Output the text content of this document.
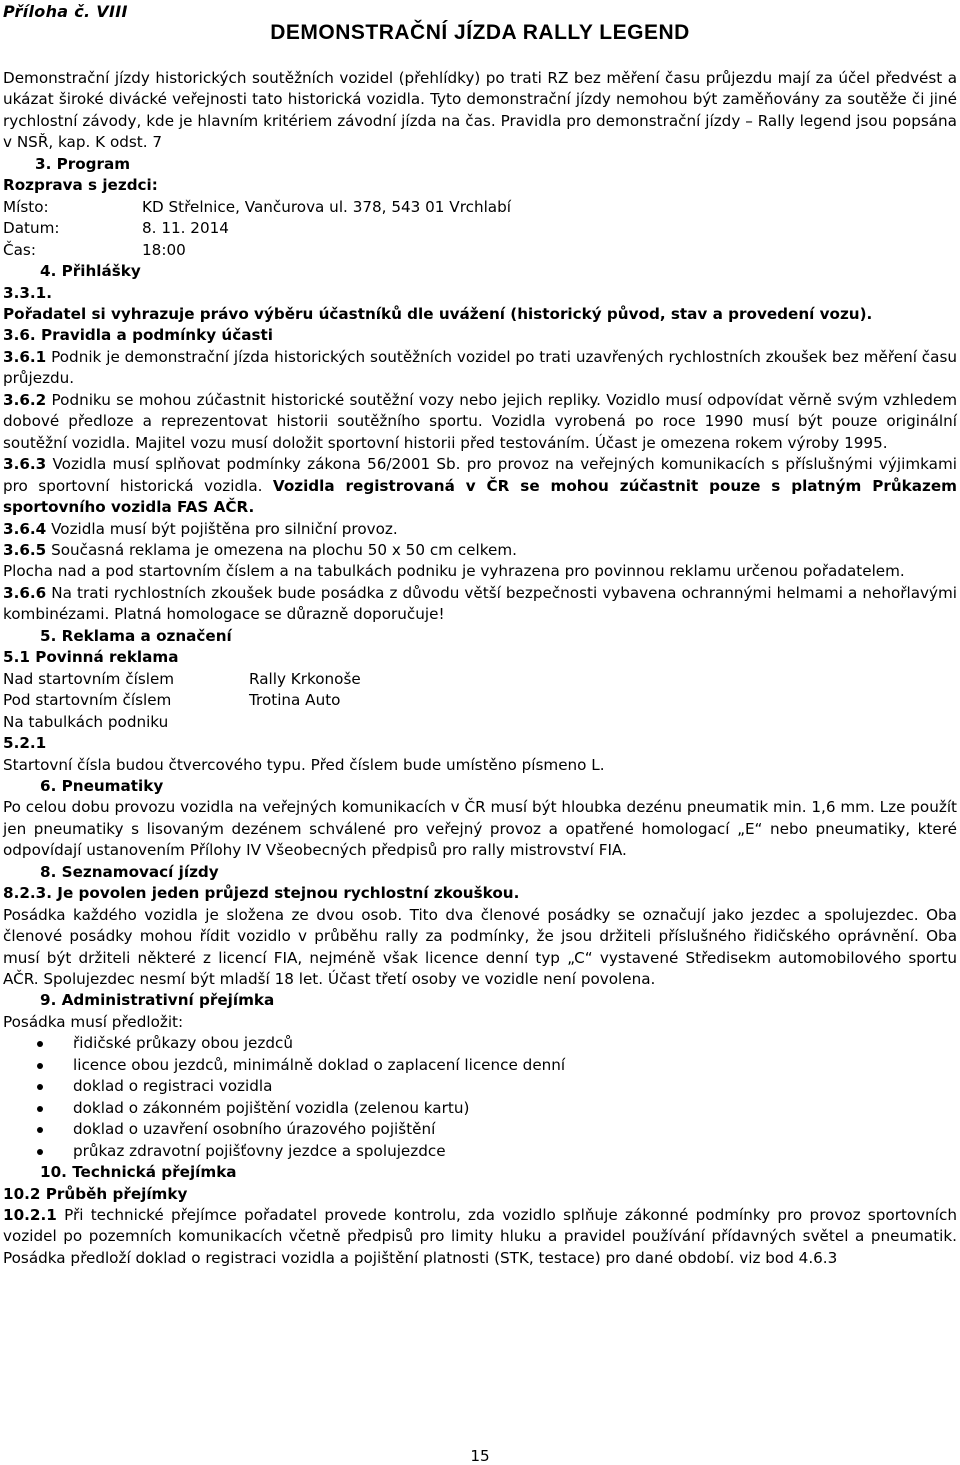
Příloha č. VIII
DEMONSTRAČNÍ JÍZDA RALLY LEGEND

Demonstrační jízdy historických soutěžních vozidel (přehlídky) po trati RZ bez měření času průjezdu mají za účel předvést a ukázat široké divácké veřejnosti tato historická vozidla. Tyto demonstrační jízdy nemohou být zaměňovány za soutěže či jiné rychlostní závody, kde je hlavním kritériem závodní jízda na čas. Pravidla pro demonstrační jízdy – Rally legend jsou popsána v NSŘ, kap. K odst. 7

3. Program

Rozprava s jezdci:

Místo:	KD Střelnice, Vančurova ul. 378, 543 01 Vrchlabí
Datum:	8. 11. 2014
Čas:	18:00

4. Přihlášky

3.3.1.

Pořadatel si vyhrazuje právo výběru účastníků dle uvážení (historický původ, stav a provedení vozu).

3.6. Pravidla a podmínky účasti

3.6.1 Podnik je demonstrační jízda historických soutěžních vozidel po trati uzavřených rychlostních zkoušek bez měření času průjezdu.

3.6.2 Podniku se mohou zúčastnit historické soutěžní vozy nebo jejich repliky. Vozidlo musí odpovídat věrně svým vzhledem dobové předloze a reprezentovat historii soutěžního sportu. Vozidla vyrobená po roce 1990 musí být pouze originální soutěžní vozidla. Majitel vozu musí doložit sportovní historii před testováním. Účast je omezena rokem výroby 1995.

3.6.3 Vozidla musí splňovat podmínky zákona 56/2001 Sb. pro provoz na veřejných komunikacích s příslušnými výjimkami pro sportovní historická vozidla. Vozidla registrovaná v ČR se mohou zúčastnit pouze s platným Průkazem sportovního vozidla FAS AČR.

3.6.4 Vozidla musí být pojištěna pro silniční provoz.

3.6.5 Současná reklama je omezena na plochu 50 x 50 cm celkem.

Plocha nad a pod startovním číslem a na tabulkách podniku je vyhrazena pro povinnou reklamu určenou pořadatelem.

3.6.6 Na trati rychlostních zkoušek bude posádka z důvodu větší bezpečnosti vybavena ochrannými helmami a nehořlavými kombinézami. Platná homologace se důrazně doporučuje!

5. Reklama a označení

5.1 Povinná reklama

Nad startovním číslem	Rally Krkonoše
Pod startovním číslem	Trotina Auto
Na tabulkách podniku

5.2.1

Startovní čísla budou čtvercového typu. Před číslem bude umístěno písmeno L.

6. Pneumatiky

Po celou dobu provozu vozidla na veřejných komunikacích v ČR musí být hloubka dezénu pneumatik min. 1,6 mm. Lze použít jen pneumatiky s lisovaným dezénem schválené pro veřejný provoz a opatřené homologací „E“ nebo pneumatiky, které odpovídají ustanovením Přílohy IV Všeobecných předpisů pro rally mistrovství FIA.

8. Seznamovací jízdy

8.2.3. Je povolen jeden průjezd stejnou rychlostní zkouškou.

Posádka každého vozidla je složena ze dvou osob. Tito dva členové posádky se označují jako jezdec a spolujezdec. Oba členové posádky mohou řídit vozidlo v průběhu rally za podmínky, že jsou držiteli příslušného řidičského oprávnění. Oba musí být držiteli některé z licencí FIA, nejméně však licence denní typ „C“ vystavené Středisekm automobilového sportu AČR. Spolujezdec nesmí být mladší 18 let. Účast třetí osoby ve vozidle není povolena.

9. Administrativní přejímka

Posádka musí předložit:

řidičské průkazy obou jezdců
licence obou jezdců, minimálně doklad o zaplacení licence denní
doklad o registraci vozidla
doklad o zákonném pojištění vozidla (zelenou kartu)
doklad o uzavření osobního úrazového pojištění
průkaz zdravotní pojišťovny jezdce a spolujezdce

10. Technická přejímka

10.2 Průběh přejímky

10.2.1 Při technické přejímce pořadatel provede kontrolu, zda vozidlo splňuje zákonné podmínky pro provoz sportovních vozidel po pozemních komunikacích včetně předpisů pro limity hluku a pravidel používání přídavných světel a pneumatik. Posádka předloží doklad o registraci vozidla a pojištění platnosti (STK, testace) pro dané období. viz bod 4.6.3

15
